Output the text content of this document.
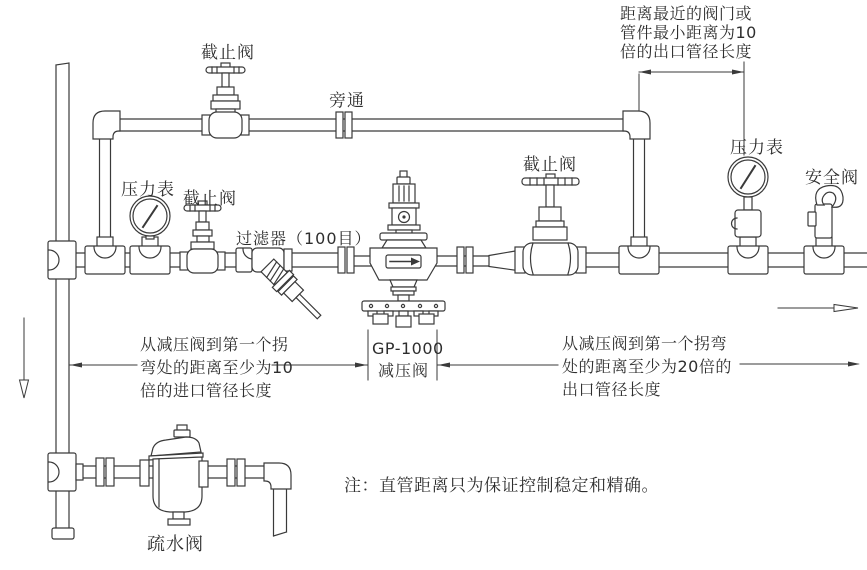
截止阀
旁通
压力表 截止阀
过滤器（100目）
GP-1000
减压阀
截止阀
压力表
安全阀
疏水阀
距离最近的阀门或
管件最小距离为10
倍的出口管径长度
从减压阀到第一个拐
弯处的距离至少为10
倍的进口管径长度
从减压阀到第一个拐弯
处的距离至少为20倍的
出口管径长度
注：直管距离只为保证控制稳定和精确。
